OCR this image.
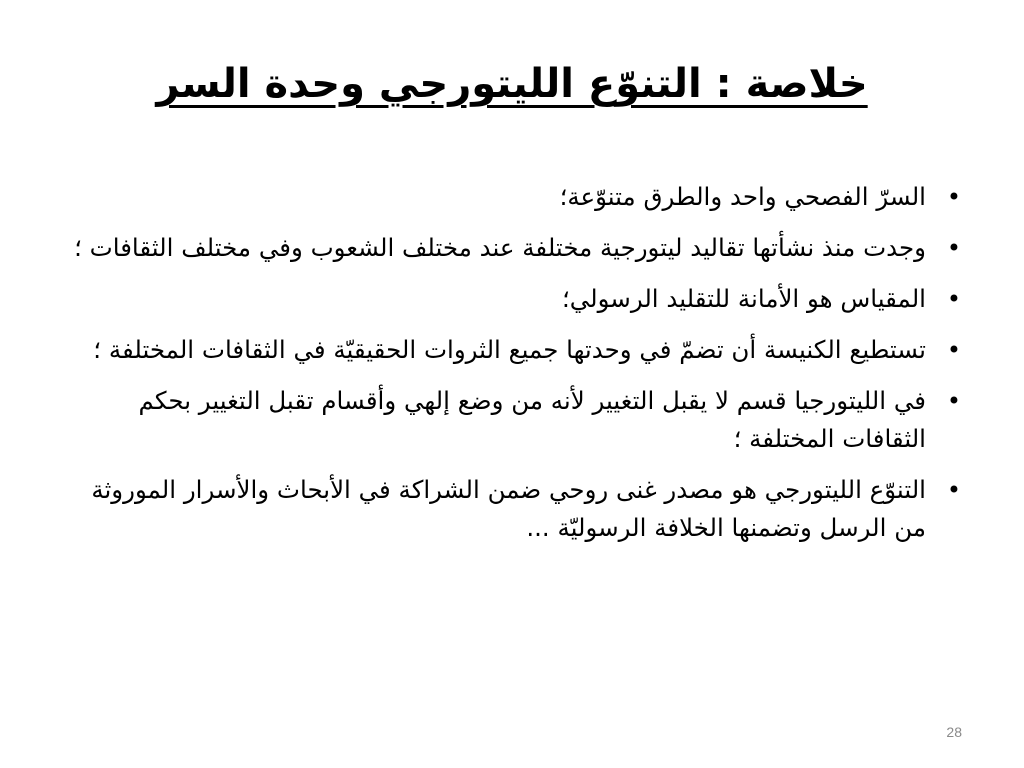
خلاصة : التنوّع الليتورجي وحدة السر
•
السرّ الفصحي واحد والطرق متنوّعة؛
•
وجدت منذ نشأتها تقاليد ليتورجية مختلفة عند مختلف الشعوب وفي مختلف الثقافات ؛
•
المقياس هو الأمانة للتقليد الرسولي؛
•
تستطيع الكنيسة أن تضمّ في وحدتها جميع الثروات الحقيقيّة في الثقافات المختلفة ؛
•
في الليتورجيا قسم لا يقبل التغيير لأنه من وضع إلهي وأقسام تقبل التغيير بحكم الثقافات المختلفة ؛
•
التنوّع الليتورجي هو مصدر غنى روحي ضمن الشراكة في الأبحاث والأسرار الموروثة من الرسل وتضمنها الخلافة الرسوليّة ...
28
